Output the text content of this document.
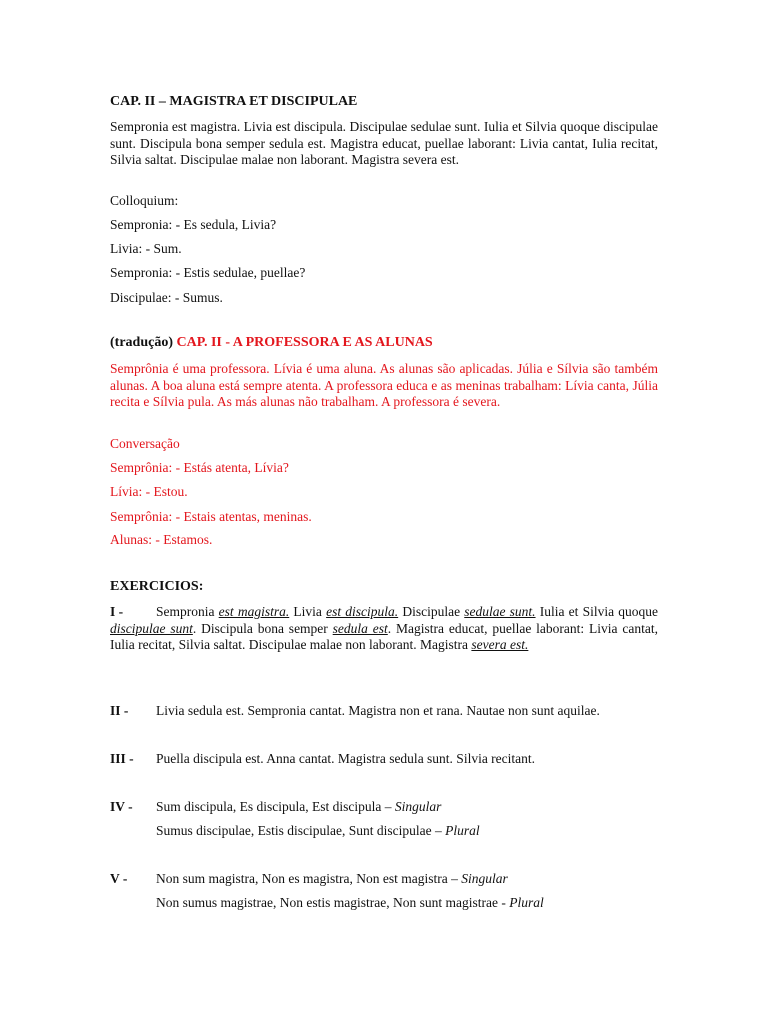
CAP. II – MAGISTRA ET DISCIPULAE
Sempronia est magistra. Livia est discipula. Discipulae sedulae sunt. Iulia et Silvia quoque discipulae sunt. Discipula bona semper sedula est. Magistra educat, puellae laborant: Livia cantat, Iulia recitat, Silvia saltat. Discipulae malae non laborant. Magistra severa est.
Colloquium:
Sempronia: - Es sedula, Livia?
Livia: - Sum.
Sempronia: - Estis sedulae, puellae?
Discipulae: - Sumus.
(tradução) CAP. II - A PROFESSORA E AS ALUNAS
Semprônia é uma professora. Lívia é uma aluna. As alunas são aplicadas. Júlia e Sílvia são também alunas. A boa aluna está sempre atenta. A professora educa e as meninas trabalham: Lívia canta, Júlia recita e Sílvia pula. As más alunas não trabalham. A professora é severa.
Conversação
Semprônia: - Estás atenta, Lívia?
Lívia: - Estou.
Semprônia: - Estais atentas, meninas.
Alunas: - Estamos.
EXERCICIOS:
I -	Sempronia est magistra. Livia est discipula. Discipulae sedulae sunt. Iulia et Silvia quoque discipulae sunt. Discipula bona semper sedula est. Magistra educat, puellae laborant: Livia cantat, Iulia recitat, Silvia saltat. Discipulae malae non laborant. Magistra severa est.
II - Livia sedula est. Sempronia cantat. Magistra non et rana. Nautae non sunt aquilae.
III - Puella discipula est. Anna cantat. Magistra sedula sunt. Silvia recitant.
IV - Sum discipula, Es discipula, Est discipula – Singular
Sumus discipulae, Estis discipulae, Sunt discipulae – Plural
V - Non sum magistra, Non es magistra, Non est magistra – Singular
Non sumus magistrae, Non estis magistrae, Non sunt magistrae - Plural
